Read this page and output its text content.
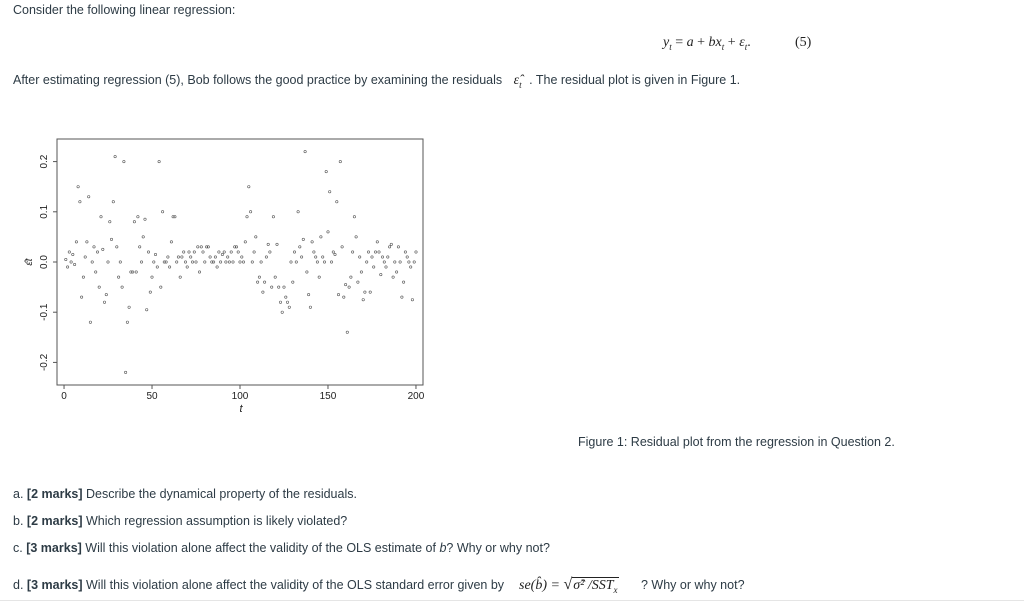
Consider the following linear regression:
$y_t = a + bx_t + \varepsilon_t$.	(5)
After estimating regression (5), Bob follows the good practice by examining the residuals $\varepsilon̂_t$ . The residual plot is given in Figure 1.
-0.2
-0.1
0.0
0.1
0.2
0	50	100	150	200
t
ε̂t
Figure 1: Residual plot from the regression in Question 2.
a. [2 marks] Describe the dynamical property of the residuals.
b. [2 marks] Which regression assumption is likely violated?
c. [3 marks] Will this violation alone affect the validity of the OLS estimate of b? Why or why not?
d. [3 marks] Will this violation alone affect the validity of the OLS standard error given by se(b̂) = √σ̂² $/SST_x$ ? Why or why not?
